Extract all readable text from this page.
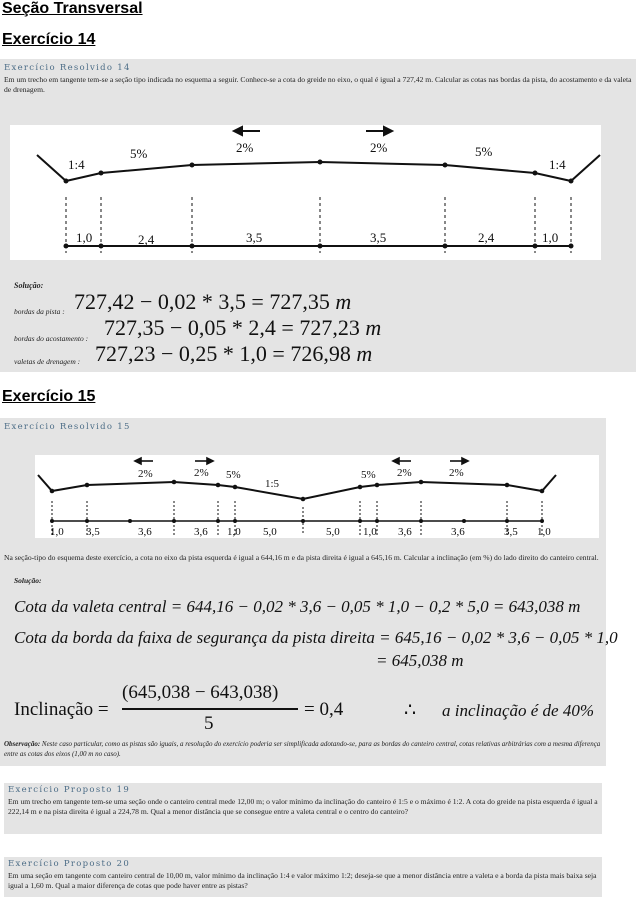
Seção Transversal
Exercício 14
Exercício Resolvido 14
Em um trecho em tangente tem-se a seção tipo indicada no esquema a seguir. Conhece-se a cota do greide no eixo, o qual é igual a 727,42 m. Calcular as cotas nas bordas da pista, do acostamento e da valeta de drenagem.
1:4
5%	2%	2%	5%
1:4
1,0	2,4	3,5	3,5	2,4	1,0
Solução:
bordas da pista : 727,42 − 0,02 * 3,5 = 727,35 m
bordas do acostamento : 727,35 − 0,05 * 2,4 = 727,23 m
valetas de drenagem : 727,23 − 0,25 * 1,0 = 726,98 m
Exercício 15
Exercício Resolvido 15
2%	2% 5%
1:5
5% 2%	2%
1,0 3,5	3,6	3,6 1,0 5,0	5,0 1,0 3,6	3,6	3,5 1,0
Na seção-tipo do esquema deste exercício, a cota no eixo da pista esquerda é igual a 644,16 m e da pista direita é igual a 645,16 m. Calcular a inclinação (em %) do lado direito do canteiro central.
Solução:
Cota da valeta central = 644,16 − 0,02 * 3,6 − 0,05 * 1,0 − 0,2 * 5,0 = 643,038 m
Cota da borda da faixa de segurança da pista direita = 645,16 − 0,02 * 3,6 − 0,05 * 1,0
= 645,038 m
Inclinação =
(645,038 − 643,038)
5
= 0,4	∴ a inclinação é de 40%
Observação: Neste caso particular, como as pistas são iguais, a resolução do exercício poderia ser simplificada adotando-se, para as bordas do canteiro central, cotas relativas arbitrárias com a mesma diferença entre as cotas dos eixos (1,00 m no caso).
Exercício Proposto 19
Em um trecho em tangente tem-se uma seção onde o canteiro central mede 12,00 m; o valor mínimo da inclinação do canteiro é 1:5 e o máximo é 1:2. A cota do greide na pista esquerda é igual a 222,14 m e na pista direita é igual a 224,78 m. Qual a menor distância que se consegue entre a valeta central e o centro do canteiro?
Exercício Proposto 20
Em uma seção em tangente com canteiro central de 10,00 m, valor mínimo da inclinação 1:4 e valor máximo 1:2; deseja-se que a menor distância entre a valeta e a borda da pista mais baixa seja igual a 1,60 m. Qual a maior diferença de cotas que pode haver entre as pistas?
